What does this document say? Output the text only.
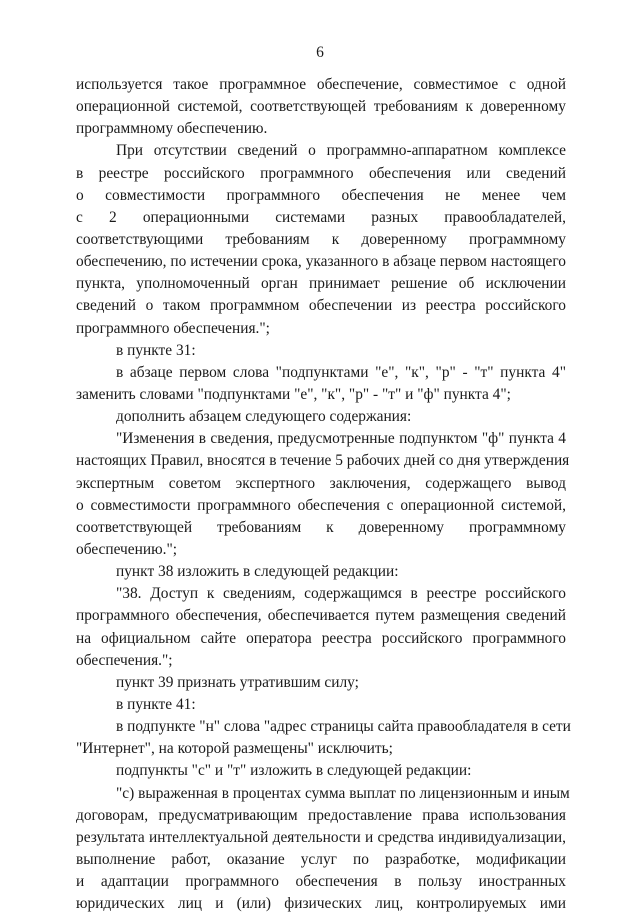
6
используется такое программное обеспечение, совместимое с одной
операционной системой, соответствующей требованиям к доверенному
программному обеспечению.
При отсутствии сведений о программно-аппаратном комплексе
в реестре российского программного обеспечения или сведений
о совместимости программного обеспечения не менее чем
с 2 операционными системами разных правообладателей,
соответствующими требованиям к доверенному программному
обеспечению, по истечении срока, указанного в абзаце первом настоящего
пункта, уполномоченный орган принимает решение об исключении
сведений о таком программном обеспечении из реестра российского
программного обеспечения.";
в пункте 31:
в абзаце первом слова "подпунктами "е", "к", "р" - "т" пункта 4"
заменить словами "подпунктами "е", "к", "р" - "т" и "ф" пункта 4";
дополнить абзацем следующего содержания:
"Изменения в сведения, предусмотренные подпунктом "ф" пункта 4
настоящих Правил, вносятся в течение 5 рабочих дней со дня утверждения
экспертным советом экспертного заключения, содержащего вывод
о совместимости программного обеспечения с операционной системой,
соответствующей требованиям к доверенному программному
обеспечению.";
пункт 38 изложить в следующей редакции:
"38. Доступ к сведениям, содержащимся в реестре российского
программного обеспечения, обеспечивается путем размещения сведений
на официальном сайте оператора реестра российского программного
обеспечения.";
пункт 39 признать утратившим силу;
в пункте 41:
в подпункте "н" слова "адрес страницы сайта правообладателя в сети
"Интернет", на которой размещены" исключить;
подпункты "с" и "т" изложить в следующей редакции:
"с) выраженная в процентах сумма выплат по лицензионным и иным
договорам, предусматривающим предоставление права использования
результата интеллектуальной деятельности и средства индивидуализации,
выполнение работ, оказание услуг по разработке, модификации
и адаптации программного обеспечения в пользу иностранных
юридических лиц и (или) физических лиц, контролируемых ими
